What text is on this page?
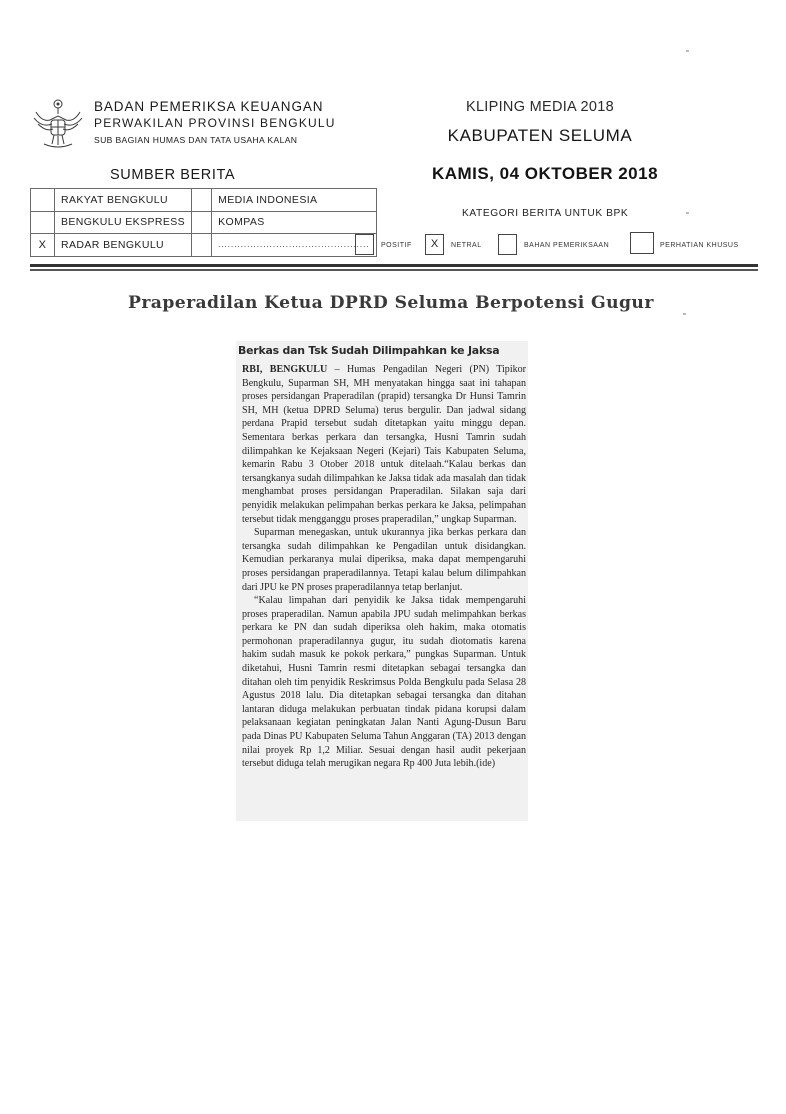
BADAN PEMERIKSA KEUANGAN
PERWAKILAN PROVINSI BENGKULU
SUB BAGIAN HUMAS DAN TATA USAHA KALAN
KLIPING MEDIA 2018
KABUPATEN SELUMA
KAMIS, 04 OKTOBER 2018
SUMBER BERITA
	RAKYAT BENGKULU		MEDIA INDONESIA
	BENGKULU EKSPRESS		KOMPAS
X	RADAR BENGKULU		...............................................
KATEGORI BERITA UNTUK BPK
POSITIF	X	NETRAL	BAHAN PEMERIKSAAN	PERHATIAN KHUSUS
Praperadilan Ketua DPRD Seluma Berpotensi Gugur
Berkas dan Tsk Sudah Dilimpahkan ke Jaksa

RBI, BENGKULU – Humas Pengadilan Negeri (PN) Tipikor Bengkulu, Suparman SH, MH menyatakan hingga saat ini tahapan proses persidangan Praperadilan (prapid) tersangka Dr Hunsi Tamrin SH, MH (ketua DPRD Seluma) terus bergulir. Dan jadwal sidang perdana Prapid tersebut sudah ditetapkan yaitu minggu depan. Sementara berkas perkara dan tersangka, Husni Tamrin sudah dilimpahkan ke Kejaksaan Negeri (Kejari) Tais Kabupaten Seluma, kemarin Rabu 3 Otober 2018 untuk ditelaah.“Kalau berkas dan tersangkanya sudah dilimpahkan ke Jaksa tidak ada masalah dan tidak menghambat proses persidangan Praperadilan. Silakan saja dari penyidik melakukan pelimpahan berkas perkara ke Jaksa, pelimpahan tersebut tidak mengganggu proses praperadilan,” ungkap Suparman.

Suparman menegaskan, untuk ukurannya jika berkas perkara dan tersangka sudah dilimpahkan ke Pengadilan untuk disidangkan. Kemudian perkaranya mulai diperiksa, maka dapat mempengaruhi proses persidangan praperadilannya. Tetapi kalau belum dilimpahkan dari JPU ke PN proses praperadilannya tetap berlanjut.

“Kalau limpahan dari penyidik ke Jaksa tidak mempengaruhi proses praperadilan. Namun apabila JPU sudah melimpahkan berkas perkara ke PN dan sudah diperiksa oleh hakim, maka otomatis permohonan praperadilannya gugur, itu sudah diotomatis karena hakim sudah masuk ke pokok perkara,” pungkas Suparman. Untuk diketahui, Husni Tamrin resmi ditetapkan sebagai tersangka dan ditahan oleh tim penyidik Reskrimsus Polda Bengkulu pada Selasa 28 Agustus 2018 lalu. Dia ditetapkan sebagai tersangka dan ditahan lantaran diduga melakukan perbuatan tindak pidana korupsi dalam pelaksanaan kegiatan peningkatan Jalan Nanti Agung-Dusun Baru pada Dinas PU Kabupaten Seluma Tahun Anggaran (TA) 2013 dengan nilai proyek Rp 1,2 Miliar. Sesuai dengan hasil audit pekerjaan tersebut diduga telah merugikan negara Rp 400 Juta lebih.(ide)
